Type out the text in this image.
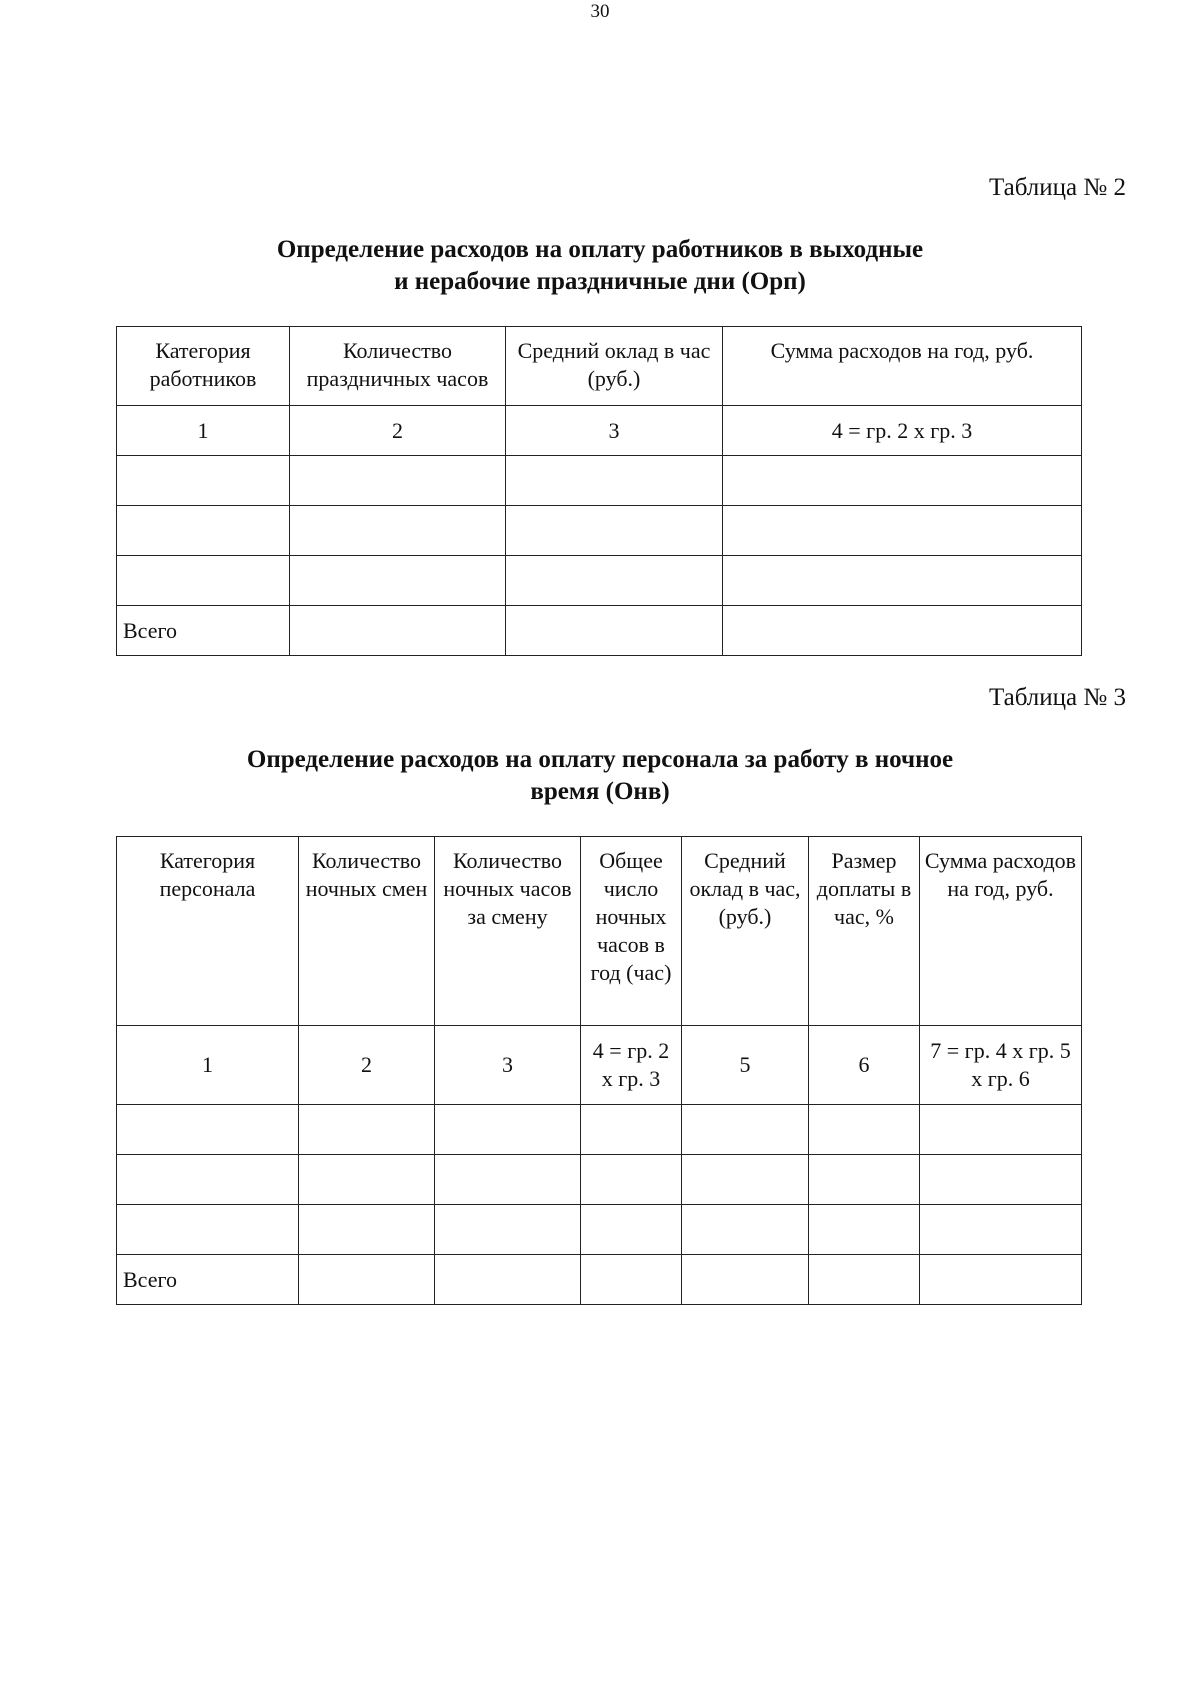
30
Таблица № 2
Определение расходов на оплату работников в выходные
и нерабочие праздничные дни (Орп)
Категория работников	Количество праздничных часов	Средний оклад в час (руб.)	Сумма расходов на год, руб.
1	2	3	4 = гр. 2 х гр. 3

Всего			
Таблица № 3
Определение расходов на оплату персонала за работу в ночное
время (Онв)
Категория персонала	Количество ночных смен	Количество ночных часов за смену	Общее число ночных часов в год (час)	Средний оклад в час, (руб.)	Размер доплаты в час, %	Сумма расходов на год, руб.
1	2	3	4 = гр. 2 х гр. 3	5	6	7 = гр. 4 х гр. 5 х гр. 6

Всего						
